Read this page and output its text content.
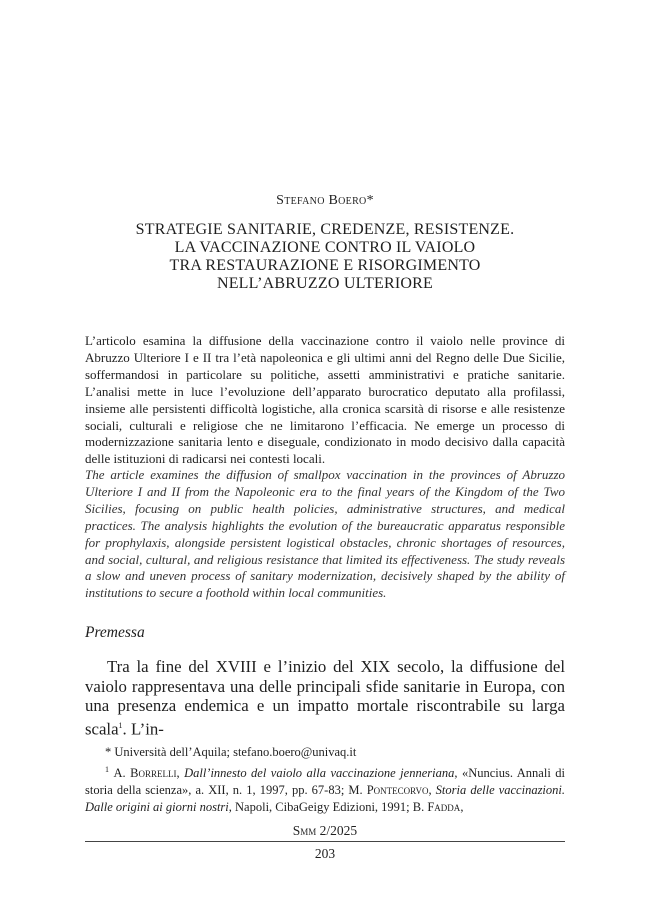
Stefano Boero*
STRATEGIE SANITARIE, CREDENZE, RESISTENZE.
LA VACCINAZIONE CONTRO IL VAIOLO
TRA RESTAURAZIONE E RISORGIMENTO
NELL’ABRUZZO ULTERIORE

L’articolo esamina la diffusione della vaccinazione contro il vaiolo nelle province di Abruzzo Ulteriore I e II tra l’età napoleonica e gli ultimi anni del Regno delle Due Sicilie, soffermandosi in particolare su politiche, assetti amministrativi e pratiche sanitarie. L’analisi mette in luce l’evoluzione dell’apparato burocratico deputato alla profilassi, insieme alle persistenti difficoltà logistiche, alla cronica scarsità di risorse e alle resistenze sociali, culturali e religiose che ne limitarono l’efficacia. Ne emerge un processo di modernizzazione sanitaria lento e diseguale, condizionato in modo decisivo dalla capacità delle istituzioni di radicarsi nei contesti locali.

The article examines the diffusion of smallpox vaccination in the provinces of Abruzzo Ulteriore I and II from the Napoleonic era to the final years of the Kingdom of the Two Sicilies, focusing on public health policies, administrative structures, and medical practices. The analysis highlights the evolution of the bureaucratic apparatus responsible for prophylaxis, alongside persistent logistical obstacles, chronic shortages of resources, and social, cultural, and religious resistance that limited its effectiveness. The study reveals a slow and uneven process of sanitary modernization, decisively shaped by the ability of institutions to secure a foothold within local communities.

Premessa

Tra la fine del XVIII e l’inizio del XIX secolo, la diffusione del vaiolo rappresentava una delle principali sfide sanitarie in Europa, con una presenza endemica e un impatto mortale riscontrabile su larga scala$^1$. L’in-

* Università dell’Aquila; stefano.boero@univaq.it
$^1$ A. Borrelli, Dall’innesto del vaiolo alla vaccinazione jenneriana, «Nuncius. Annali di storia della scienza», a. XII, n. 1, 1997, pp. 67-83; M. Pontecorvo, Storia delle vaccinazioni. Dalle origini ai giorni nostri, Napoli, CibaGeigy Edizioni, 1991; B. Fadda,
Smm 2/2025
203
